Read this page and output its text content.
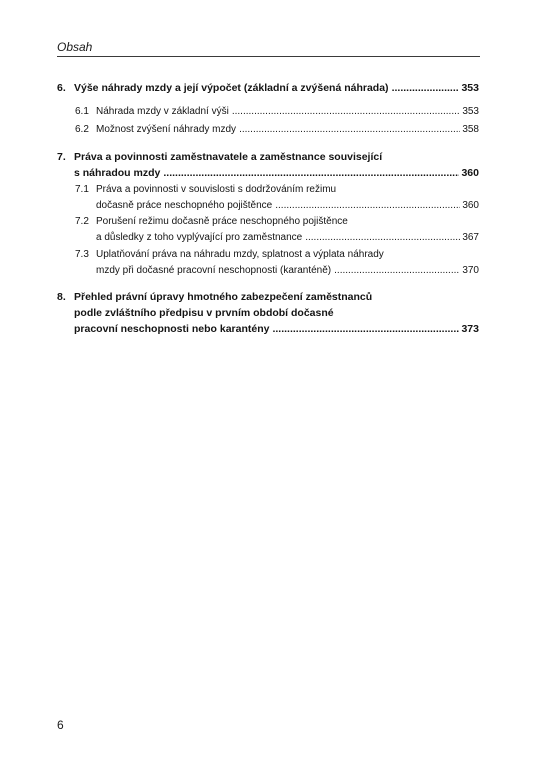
Obsah
6. Výše náhrady mzdy a její výpočet (základní a zvýšená náhrada) .....	353
6.1 Náhrada mzdy v základní výši .....	353
6.2 Možnost zvýšení náhrady mzdy .....	358
7. Práva a povinnosti zaměstnavatele a zaměstnance související
s náhradou mzdy .....	360
7.1 Práva a povinnosti v souvislosti s dodržováním režimu
dočasně práce neschopného pojištěnce .....	360
7.2 Porušení režimu dočasně práce neschopného pojištěnce
a důsledky z toho vyplývající pro zaměstnance .....	367
7.3 Uplatňování práva na náhradu mzdy, splatnost a výplata náhrady
mzdy při dočasné pracovní neschopnosti (karanténě) .....	370
8. Přehled právní úpravy hmotného zabezpečení zaměstnanců
podle zvláštního předpisu v prvním období dočasné
pracovní neschopnosti nebo karantény .....	373
6
